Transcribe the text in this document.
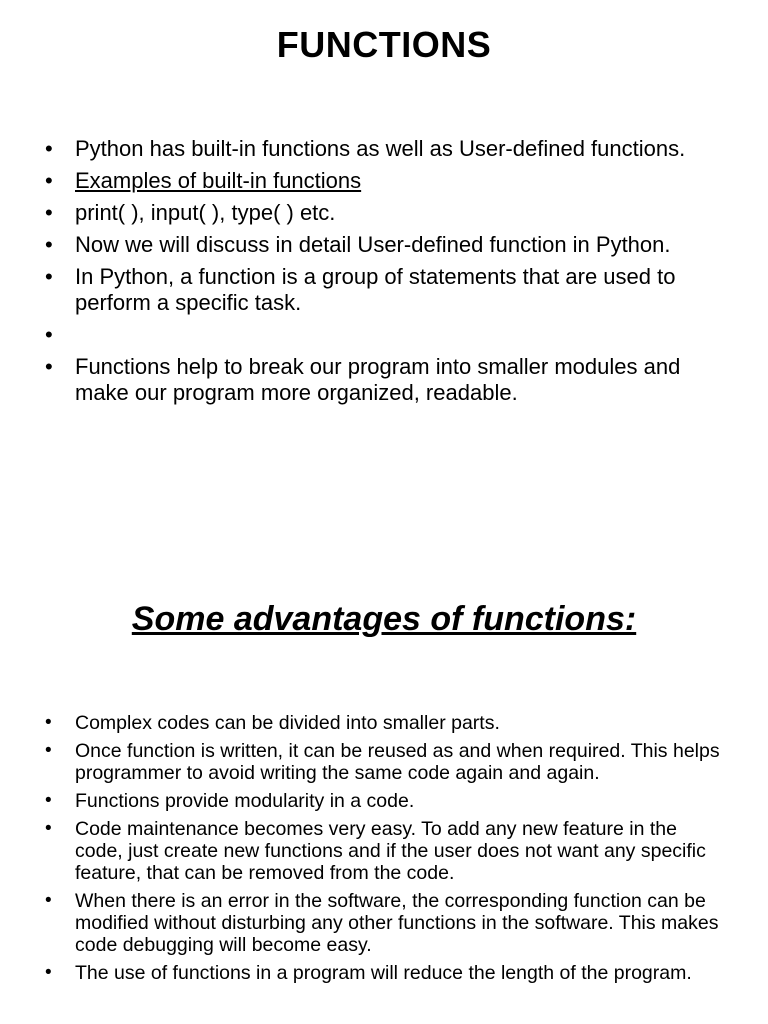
FUNCTIONS
• Python has built-in functions as well as User-defined functions.
• Examples of built-in functions
• print( ), input( ), type( ) etc.
• Now we will discuss in detail User-defined function in Python.
• In Python, a function is a group of statements that are used to perform a specific task.
•
• Functions help to break our program into smaller modules and make our program more organized, readable.
Some advantages of functions:
• Complex codes can be divided into smaller parts.
• Once function is written, it can be reused as and when required. This helps programmer to avoid writing the same code again and again.
• Functions provide modularity in a code.
• Code maintenance becomes very easy. To add any new feature in the code, just create new functions and if the user does not want any specific feature, that can be removed from the code.
• When there is an error in the software, the corresponding function can be modified without disturbing any other functions in the software. This makes code debugging will become easy.
• The use of functions in a program will reduce the length of the program.
